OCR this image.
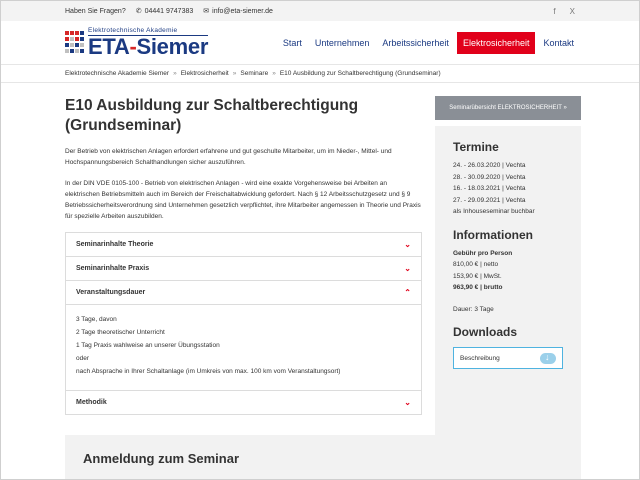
Haben Sie Fragen? ✆ 04441 9747383 ✉ info@eta-siemer.de	f X
Elektrotechnische Akademie
ETA-Siemer	Start	Unternehmen	Arbeitssicherheit	Elektrosicherheit	Kontakt
Elektrotechnische Akademie Siemer » Elektrosicherheit » Seminare » E10 Ausbildung zur Schaltberechtigung (Grundseminar)
E10 Ausbildung zur Schaltberechtigung (Grundseminar)

Der Betrieb von elektrischen Anlagen erfordert erfahrene und gut geschulte Mitarbeiter, um im Nieder-, Mittel- und Hochspannungsbereich Schalthandlungen sicher auszuführen.

In der DIN VDE 0105-100 - Betrieb von elektrischen Anlagen - wird eine exakte Vorgehensweise bei Arbeiten an elektrischen Betriebsmitteln auch im Bereich der Freischaltabwicklung gefordert. Nach § 12 Arbeitsschutzgesetz und § 9 Betriebssicherheitsverordnung sind Unternehmen gesetzlich verpflichtet, ihre Mitarbeiter angemessen in Theorie und Praxis für spezielle Arbeiten auszubilden.

Seminarinhalte Theorie	⌄
Seminarinhalte Praxis	⌄
Veranstaltungsdauer	⌃
3 Tage, davon
2 Tage theoretischer Unterricht
1 Tag Praxis wahlweise an unserer Übungsstation
oder
nach Absprache in Ihrer Schaltanlage (im Umkreis von max. 100 km vom Veranstaltungsort)
Methodik	⌄
Seminarübersicht ELEKTROSICHERHEIT »
Termine
24. - 26.03.2020 | Vechta
28. - 30.09.2020 | Vechta
16. - 18.03.2021 | Vechta
27. - 29.09.2021 | Vechta
als Inhouseseminar buchbar
Informationen
Gebühr pro Person
810,00 € | netto
153,90 € | MwSt.
963,90 € | brutto
Dauer: 3 Tage
Downloads
Beschreibung
↓
Anmeldung zum Seminar
